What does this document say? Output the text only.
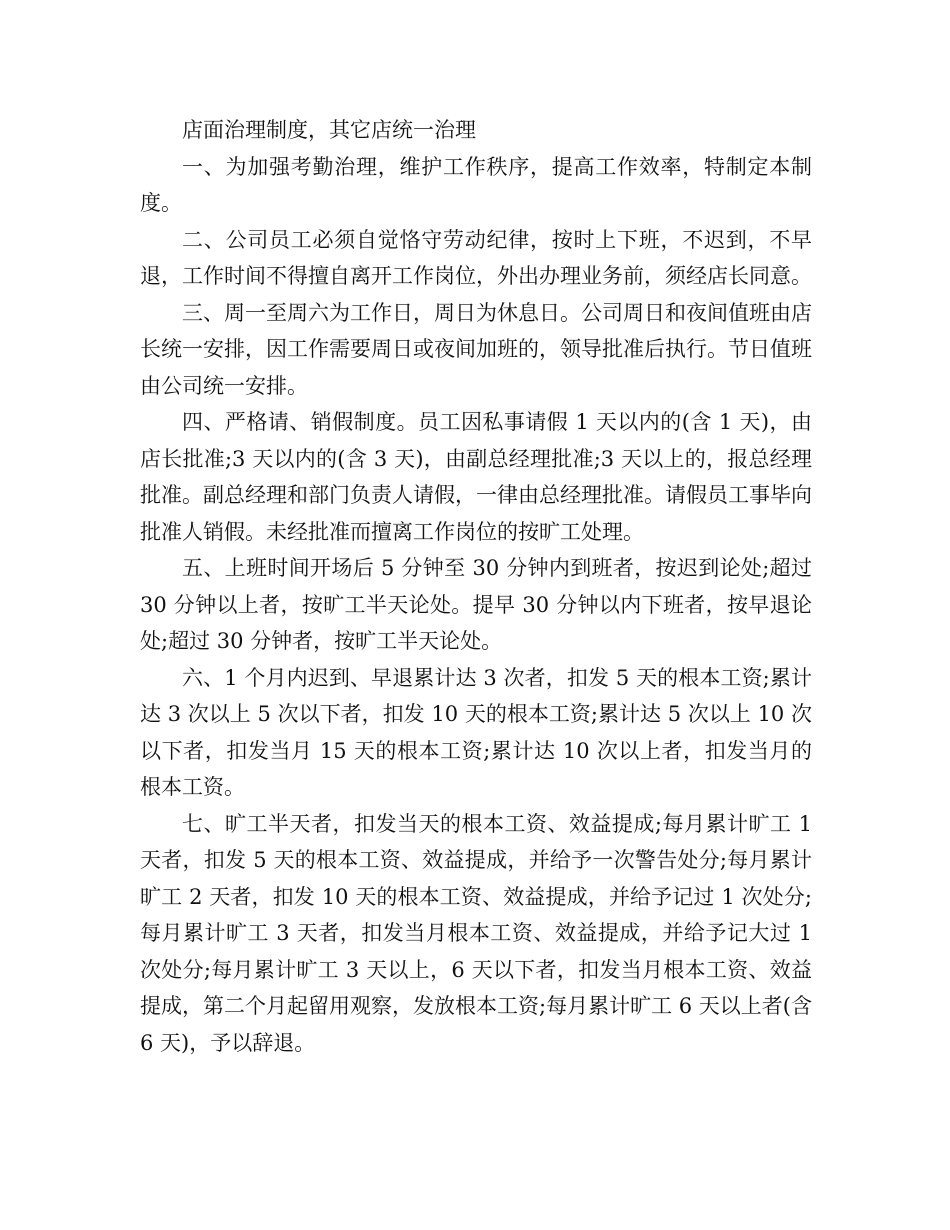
店面治理制度，其它店统一治理

一、为加强考勤治理，维护工作秩序，提高工作效率，特制定本制度。

二、公司员工必须自觉恪守劳动纪律，按时上下班，不迟到，不早退，工作时间不得擅自离开工作岗位，外出办理业务前，须经店长同意。

三、周一至周六为工作日，周日为休息日。公司周日和夜间值班由店长统一安排，因工作需要周日或夜间加班的，领导批准后执行。节日值班由公司统一安排。

四、严格请、销假制度。员工因私事请假 1 天以内的(含 1 天)，由店长批准;3 天以内的(含 3 天)，由副总经理批准;3 天以上的，报总经理批准。副总经理和部门负责人请假，一律由总经理批准。请假员工事毕向批准人销假。未经批准而擅离工作岗位的按旷工处理。

五、上班时间开场后 5 分钟至 30 分钟内到班者，按迟到论处;超过 30 分钟以上者，按旷工半天论处。提早 30 分钟以内下班者，按早退论处;超过 30 分钟者，按旷工半天论处。

六、1 个月内迟到、早退累计达 3 次者，扣发 5 天的根本工资;累计达 3 次以上 5 次以下者，扣发 10 天的根本工资;累计达 5 次以上 10 次以下者，扣发当月 15 天的根本工资;累计达 10 次以上者，扣发当月的根本工资。

七、旷工半天者，扣发当天的根本工资、效益提成;每月累计旷工 1 天者，扣发 5 天的根本工资、效益提成，并给予一次警告处分;每月累计旷工 2 天者，扣发 10 天的根本工资、效益提成，并给予记过 1 次处分;每月累计旷工 3 天者，扣发当月根本工资、效益提成，并给予记大过 1 次处分;每月累计旷工 3 天以上，6 天以下者，扣发当月根本工资、效益提成，第二个月起留用观察，发放根本工资;每月累计旷工 6 天以上者(含 6 天)，予以辞退。
